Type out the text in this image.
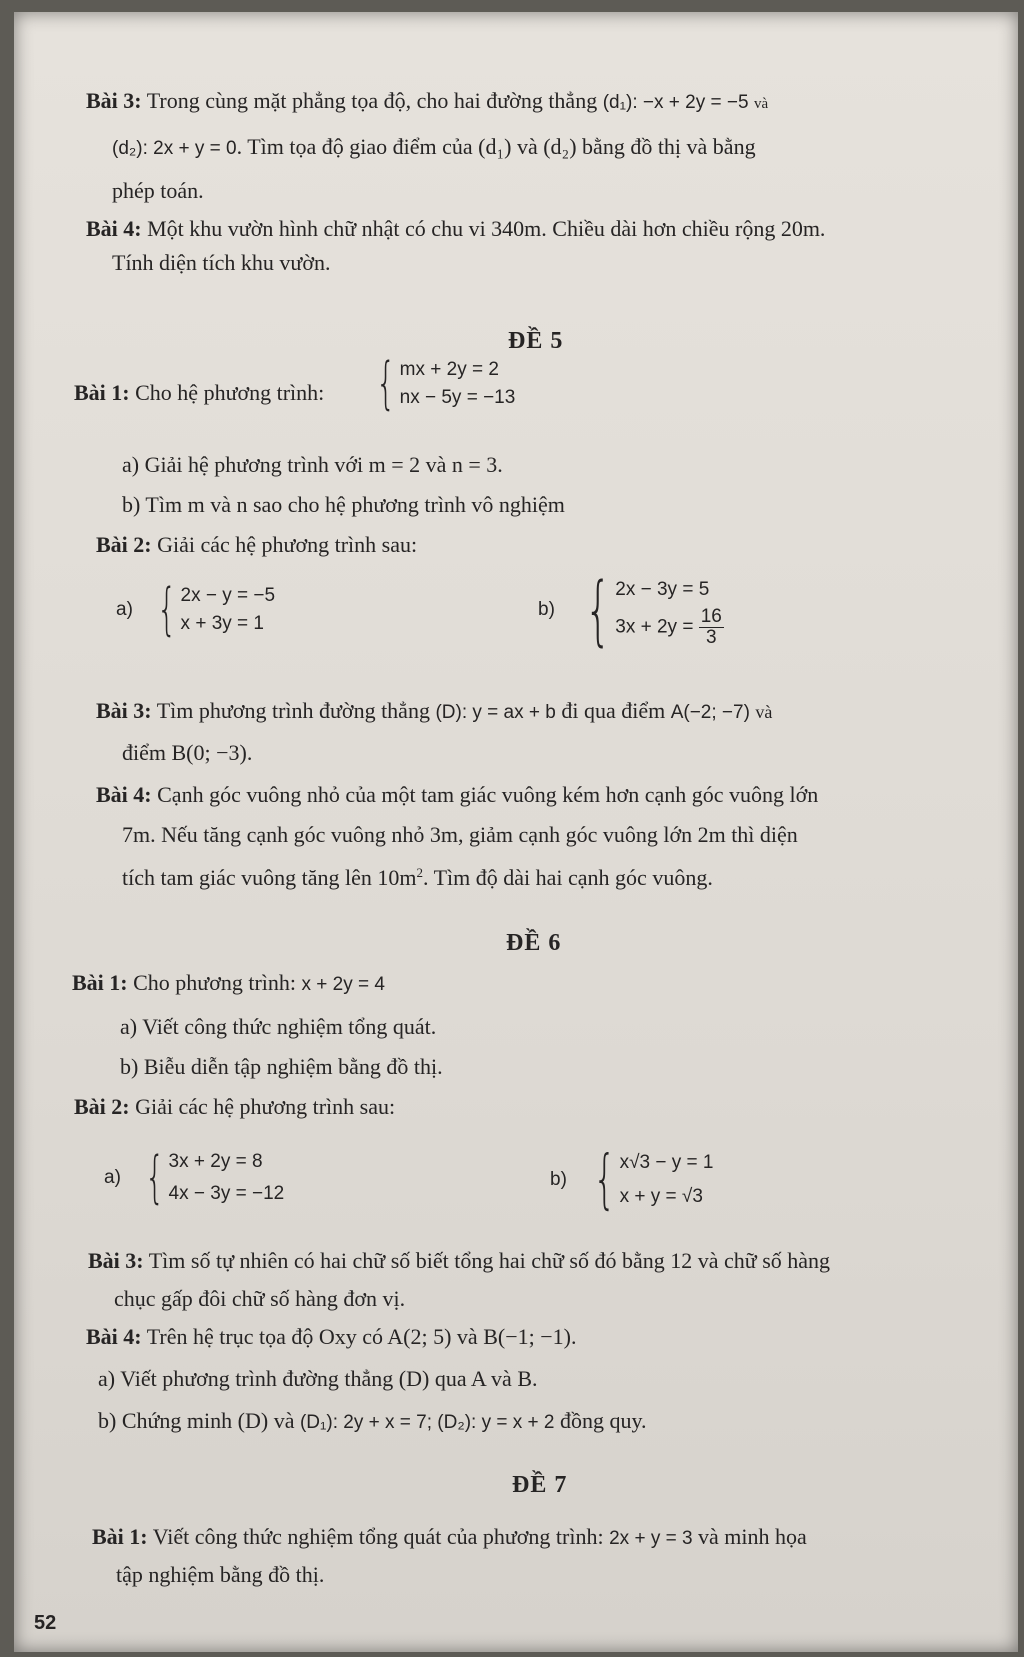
Bài 3: Trong cùng mặt phẳng tọa độ, cho hai đường thẳng (d₁): −x + 2y = −5 và
(d₂): 2x + y = 0. Tìm tọa độ giao điểm của (d₁) và (d₂) bằng đồ thị và bằng
phép toán.
Bài 4: Một khu vườn hình chữ nhật có chu vi 340m. Chiều dài hơn chiều rộng 20m.
Tính diện tích khu vườn.
ĐỀ 5
Bài 1: Cho hệ phương trình: { mx + 2y = 2
nx − 5y = −13
a) Giải hệ phương trình với m = 2 và n = 3.
b) Tìm m và n sao cho hệ phương trình vô nghiệm
Bài 2: Giải các hệ phương trình sau:
a) { 2x − y = −5
x + 3y = 1
b) { 2x − 3y = 5
$3x + 2y = \frac{16}{3}$
Bài 3: Tìm phương trình đường thẳng (D): y = ax + b đi qua điểm A(−2; −7) và
điểm B(0; −3).
Bài 4: Cạnh góc vuông nhỏ của một tam giác vuông kém hơn cạnh góc vuông lớn
7m. Nếu tăng cạnh góc vuông nhỏ 3m, giảm cạnh góc vuông lớn 2m thì diện
tích tam giác vuông tăng lên $10m^2$. Tìm độ dài hai cạnh góc vuông.
ĐỀ 6
Bài 1: Cho phương trình: x + 2y = 4
a) Viết công thức nghiệm tổng quát.
b) Biễu diễn tập nghiệm bằng đồ thị.
Bài 2: Giải các hệ phương trình sau:
a) { 3x + 2y = 8
4x − 3y = −12
b) { x√3 − y = 1
x + y = √3
Bài 3: Tìm số tự nhiên có hai chữ số biết tổng hai chữ số đó bằng 12 và chữ số hàng
chục gấp đôi chữ số hàng đơn vị.
Bài 4: Trên hệ trục tọa độ Oxy có A(2; 5) và B(−1; −1).
a) Viết phương trình đường thẳng (D) qua A và B.
b) Chứng minh (D) và (D₁): 2y + x = 7; (D₂): y = x + 2 đồng quy.
ĐỀ 7
Bài 1: Viết công thức nghiệm tổng quát của phương trình: 2x + y = 3 và minh họa
tập nghiệm bằng đồ thị.
52
